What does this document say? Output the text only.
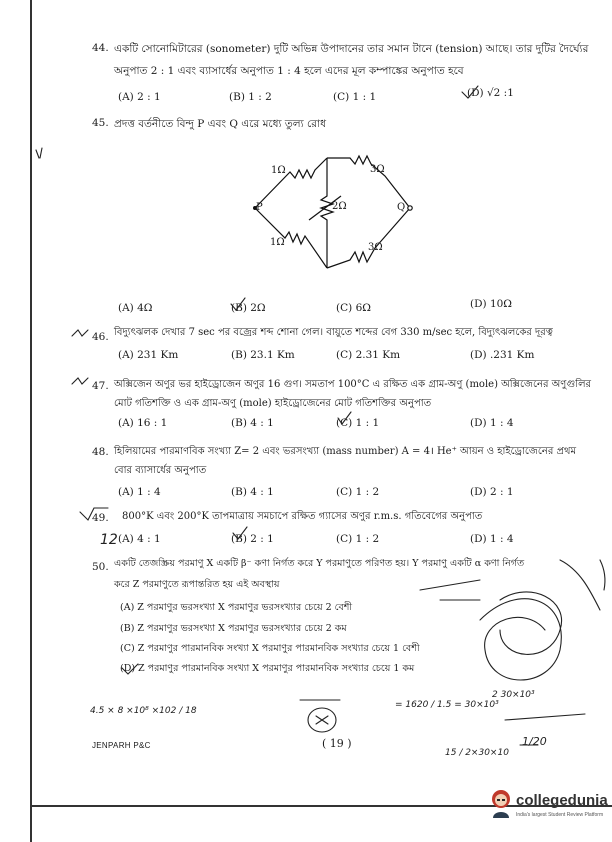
44. একটি সোনোমিটারের (sonometer) দুটি অভিন্ন উপাদানের তার সমান টানে (tension) আছে। তার দুটির দৈর্ঘ্যের
অনুপাত 2 : 1 এবং ব্যাসার্ধের অনুপাত 1 : 4 হলে এদের মূল কম্পাঙ্কের অনুপাত হবে
(A) 2 : 1	(B) 1 : 2	(C) 1 : 1	(D) √2 :1
45. প্রদত্ত বর্তনীতে বিন্দু P এবং Q এরে মধ্যে তুল্য রোধ
1Ω	3Ω
2Ω
1Ω	3Ω
P	Q
(A) 4Ω	(B) 2Ω	(C) 6Ω	(D) 10Ω
46. বিদ্যুৎঝলক দেখার 7 sec পর বজ্রের শব্দ শোনা গেল। বায়ুতে শব্দের বেগ 330 m/sec হলে, বিদ্যুৎঝলকের দূরত্ব
(A) 231 Km	(B) 23.1 Km	(C) 2.31 Km	(D) .231 Km
47. অক্সিজেন অণুর ভর হাইড্রোজেন অণুর 16 গুণ। সমতাপ 100°C এ রক্ষিত এক গ্রাম-অণু (mole) অক্সিজেনের অণুগুলির
মোট গতিশক্তি ও এক গ্রাম-অণু (mole) হাইড্রোজেনের মোট গতিশক্তির অনুপাত
(A) 16 : 1	(B) 4 : 1	(C) 1 : 1	(D) 1 : 4
48. হিলিয়ামের পারমাণবিক সংখ্যা Z= 2 এবং ভরসংখ্যা (mass number) A = 4। He⁺ আয়ন ও হাইড্রোজেনের প্রথম
বোর ব্যাসার্ধের অনুপাত
(A) 1 : 4	(B) 4 : 1	(C) 1 : 2	(D) 2 : 1
49. 800°K এবং 200°K তাপমাত্রায় সমচাপে রক্ষিত গ্যাসের অণুর r.m.s. গতিবেগের অনুপাত
(A) 4 : 1	(B) 2 : 1	(C) 1 : 2	(D) 1 : 4
50. একটি তেজস্ক্রিয় পরমাণু X একটি β⁻ কণা নির্গত করে Y পরমাণুতে পরিণত হয়। Y পরমাণু একটি α কণা নির্গত
করে Z পরমাণুতে রূপান্তরিত হয় এই অবস্থায়
(A) Z পরমাণুর ভরসংখ্যা X পরমাণুর ভরসংখ্যার চেয়ে 2 বেশী
(B) Z পরমাণুর ভরসংখ্যা X পরমাণুর ভরসংখ্যার চেয়ে 2 কম
(C) Z পরমাণুর পারমানবিক সংখ্যা X পরমাণুর পারমানবিক সংখ্যার চেয়ে 1 বেশী
(D) Z পরমাণুর পারমানবিক সংখ্যা X পরমাণুর পারমানবিক সংখ্যার চেয়ে 1 কম
12
4.5 × 8 ×10⁸ ×102 / 18
= 1620 / 1.5 = 30×10³
15 / 2×30×10
1/20
2 30×10³
JENPARH P&C	( 19 )
collegedunia
India's largest Student Review Platform
